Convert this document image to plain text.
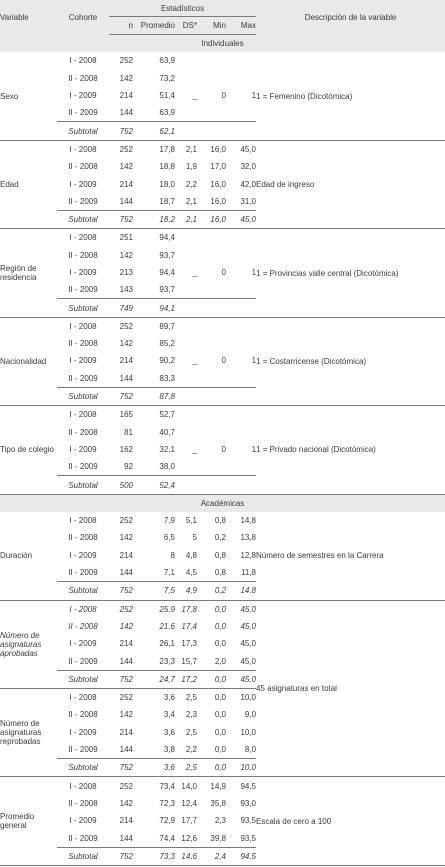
Variable	Cohorte	Estadísticos					Descripción de la variable
		n	Promedio	DS*	Min	Max	
Individuales							
Sexo	I - 2008	252	63,9				1 = Femenino (Dicotómica)
	II - 2008	142	73,2				
	I - 2009	214	51,4	_	0	1	
	II - 2009	144	63,9				
	Subtotal	752	62,1				
Edad	I - 2008	252	17,8	2,1	16,0	45,0	Edad de ingreso
	II - 2008	142	18,8	1,9	17,0	32,0	
	I - 2009	214	18,0	2,2	16,0	42,0	
	II - 2009	144	18,7	2,1	16,0	31,0	
	Subtotal	752	18,2	2,1	16,0	45,0	
Región de residencia	I - 2008	251	94,4				1 = Provincias valle central (Dicotómica)
	II - 2008	142	93,7				
	I - 2009	213	94,4	_	0	1	
	II - 2009	143	93,7				
	Subtotal	749	94,1				
Nacionalidad	I - 2008	252	89,7				1 = Costarricense (Dicotómica)
	II - 2008	142	85,2				
	I - 2009	214	90,2	_	0	1	
	II - 2009	144	83,3				
	Subtotal	752	87,8				
Tipo de colegio	I - 2008	165	52,7				1 = Privado nacional (Dicotómica)
	II - 2008	81	40,7				
	I - 2009	162	32,1	_	0	1	
	II - 2009	92	38,0				
	Subtotal	500	52,4				
Académicas							
Duración	I - 2008	252	7,9	5,1	0,8	14,8	Número de semestres en la Carrera
	II - 2008	142	6,5	5	0,2	13,8	
	I - 2009	214	8	4,8	0,8	12,8	
	II - 2009	144	7,1	4,5	0,8	11,8	
	Subtotal	752	7,5	4,9	0,2	14,8	
Número de asignaturas aprobadas	I - 2008	252	25,9	17,8	0,0	45,0	45 asignaturas en total
	II - 2008	142	21,6	17,4	0,0	45,0	
	I - 2009	214	26,1	17,3	0,0	45,0	
	II - 2009	144	23,3	15,7	2,0	45,0	
	Subtotal	752	24,7	17,2	0,0	45,0	
Número de asignaturas reprobadas	I - 2008	252	3,6	2,5	0,0	10,0	
	II - 2008	142	3,4	2,3	0,0	9,0	
	I - 2009	214	3,6	2,5	0,0	10,0	
	II - 2009	144	3,8	2,2	0,0	8,0	
	Subtotal	752	3,6	2,5	0,0	10,0	
Promedio general	I - 2008	252	73,4	14,0	14,9	94,5	Escala de cero a 100
	II - 2008	142	72,3	12,4	35,8	93,0	
	I - 2009	214	72,9	17,7	2,3	93,5	
	II - 2009	144	74,4	12,6	39,8	93,5	
	Subtotal	752	73,3	14,6	2,4	94,5	
